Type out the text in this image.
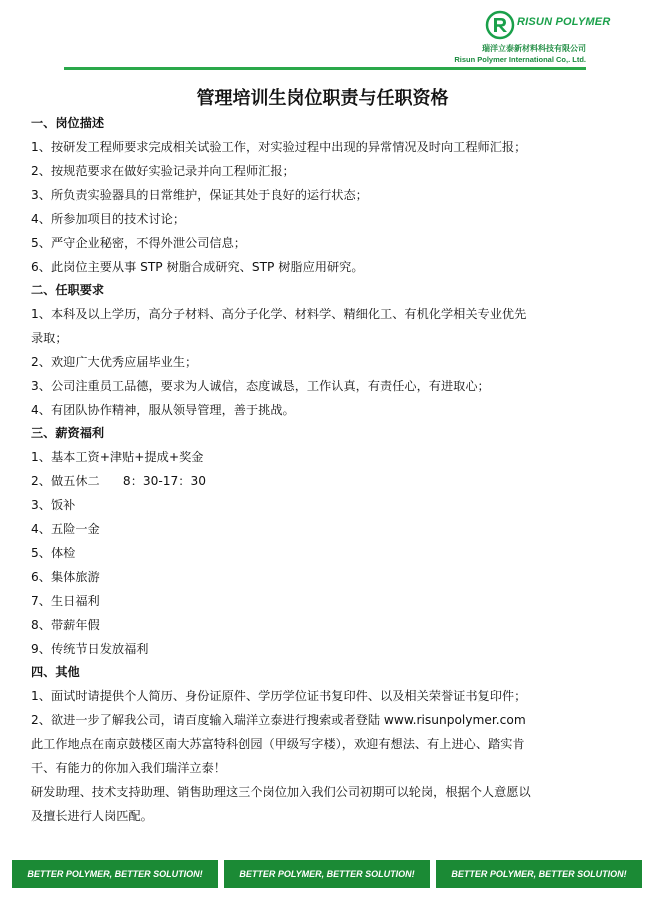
RISUN POLYMER
瑞洋立泰新材料科技有限公司
Risun Polymer International Co,. Ltd.
管理培训生岗位职责与任职资格
一、岗位描述
1、按研发工程师要求完成相关试验工作，对实验过程中出现的异常情况及时向工程师汇报；
2、按规范要求在做好实验记录并向工程师汇报；
3、所负责实验器具的日常维护，保证其处于良好的运行状态；
4、所参加项目的技术讨论；
5、严守企业秘密，不得外泄公司信息；
6、此岗位主要从事 STP 树脂合成研究、STP 树脂应用研究。
二、任职要求
1、本科及以上学历，高分子材料、高分子化学、材料学、精细化工、有机化学相关专业优先
录取；
2、欢迎广大优秀应届毕业生；
3、公司注重员工品德，要求为人诚信，态度诚恳，工作认真，有责任心，有进取心；
4、有团队协作精神，服从领导管理，善于挑战。
三、薪资福利
1、基本工资+津贴+提成+奖金
2、做五休二      8：30-17：30
3、饭补
4、五险一金
5、体检
6、集体旅游
7、生日福利
8、带薪年假
9、传统节日发放福利
四、其他
1、面试时请提供个人简历、身份证原件、学历学位证书复印件、以及相关荣誉证书复印件；
2、欲进一步了解我公司，请百度输入瑞洋立泰进行搜索或者登陆 www.risunpolymer.com
此工作地点在南京鼓楼区南大苏富特科创园（甲级写字楼），欢迎有想法、有上进心、踏实肯
干、有能力的你加入我们瑞洋立泰！
研发助理、技术支持助理、销售助理这三个岗位加入我们公司初期可以轮岗，根据个人意愿以
及擅长进行人岗匹配。
BETTER POLYMER, BETTER SOLUTION!	BETTER POLYMER, BETTER SOLUTION!	BETTER POLYMER, BETTER SOLUTION!
